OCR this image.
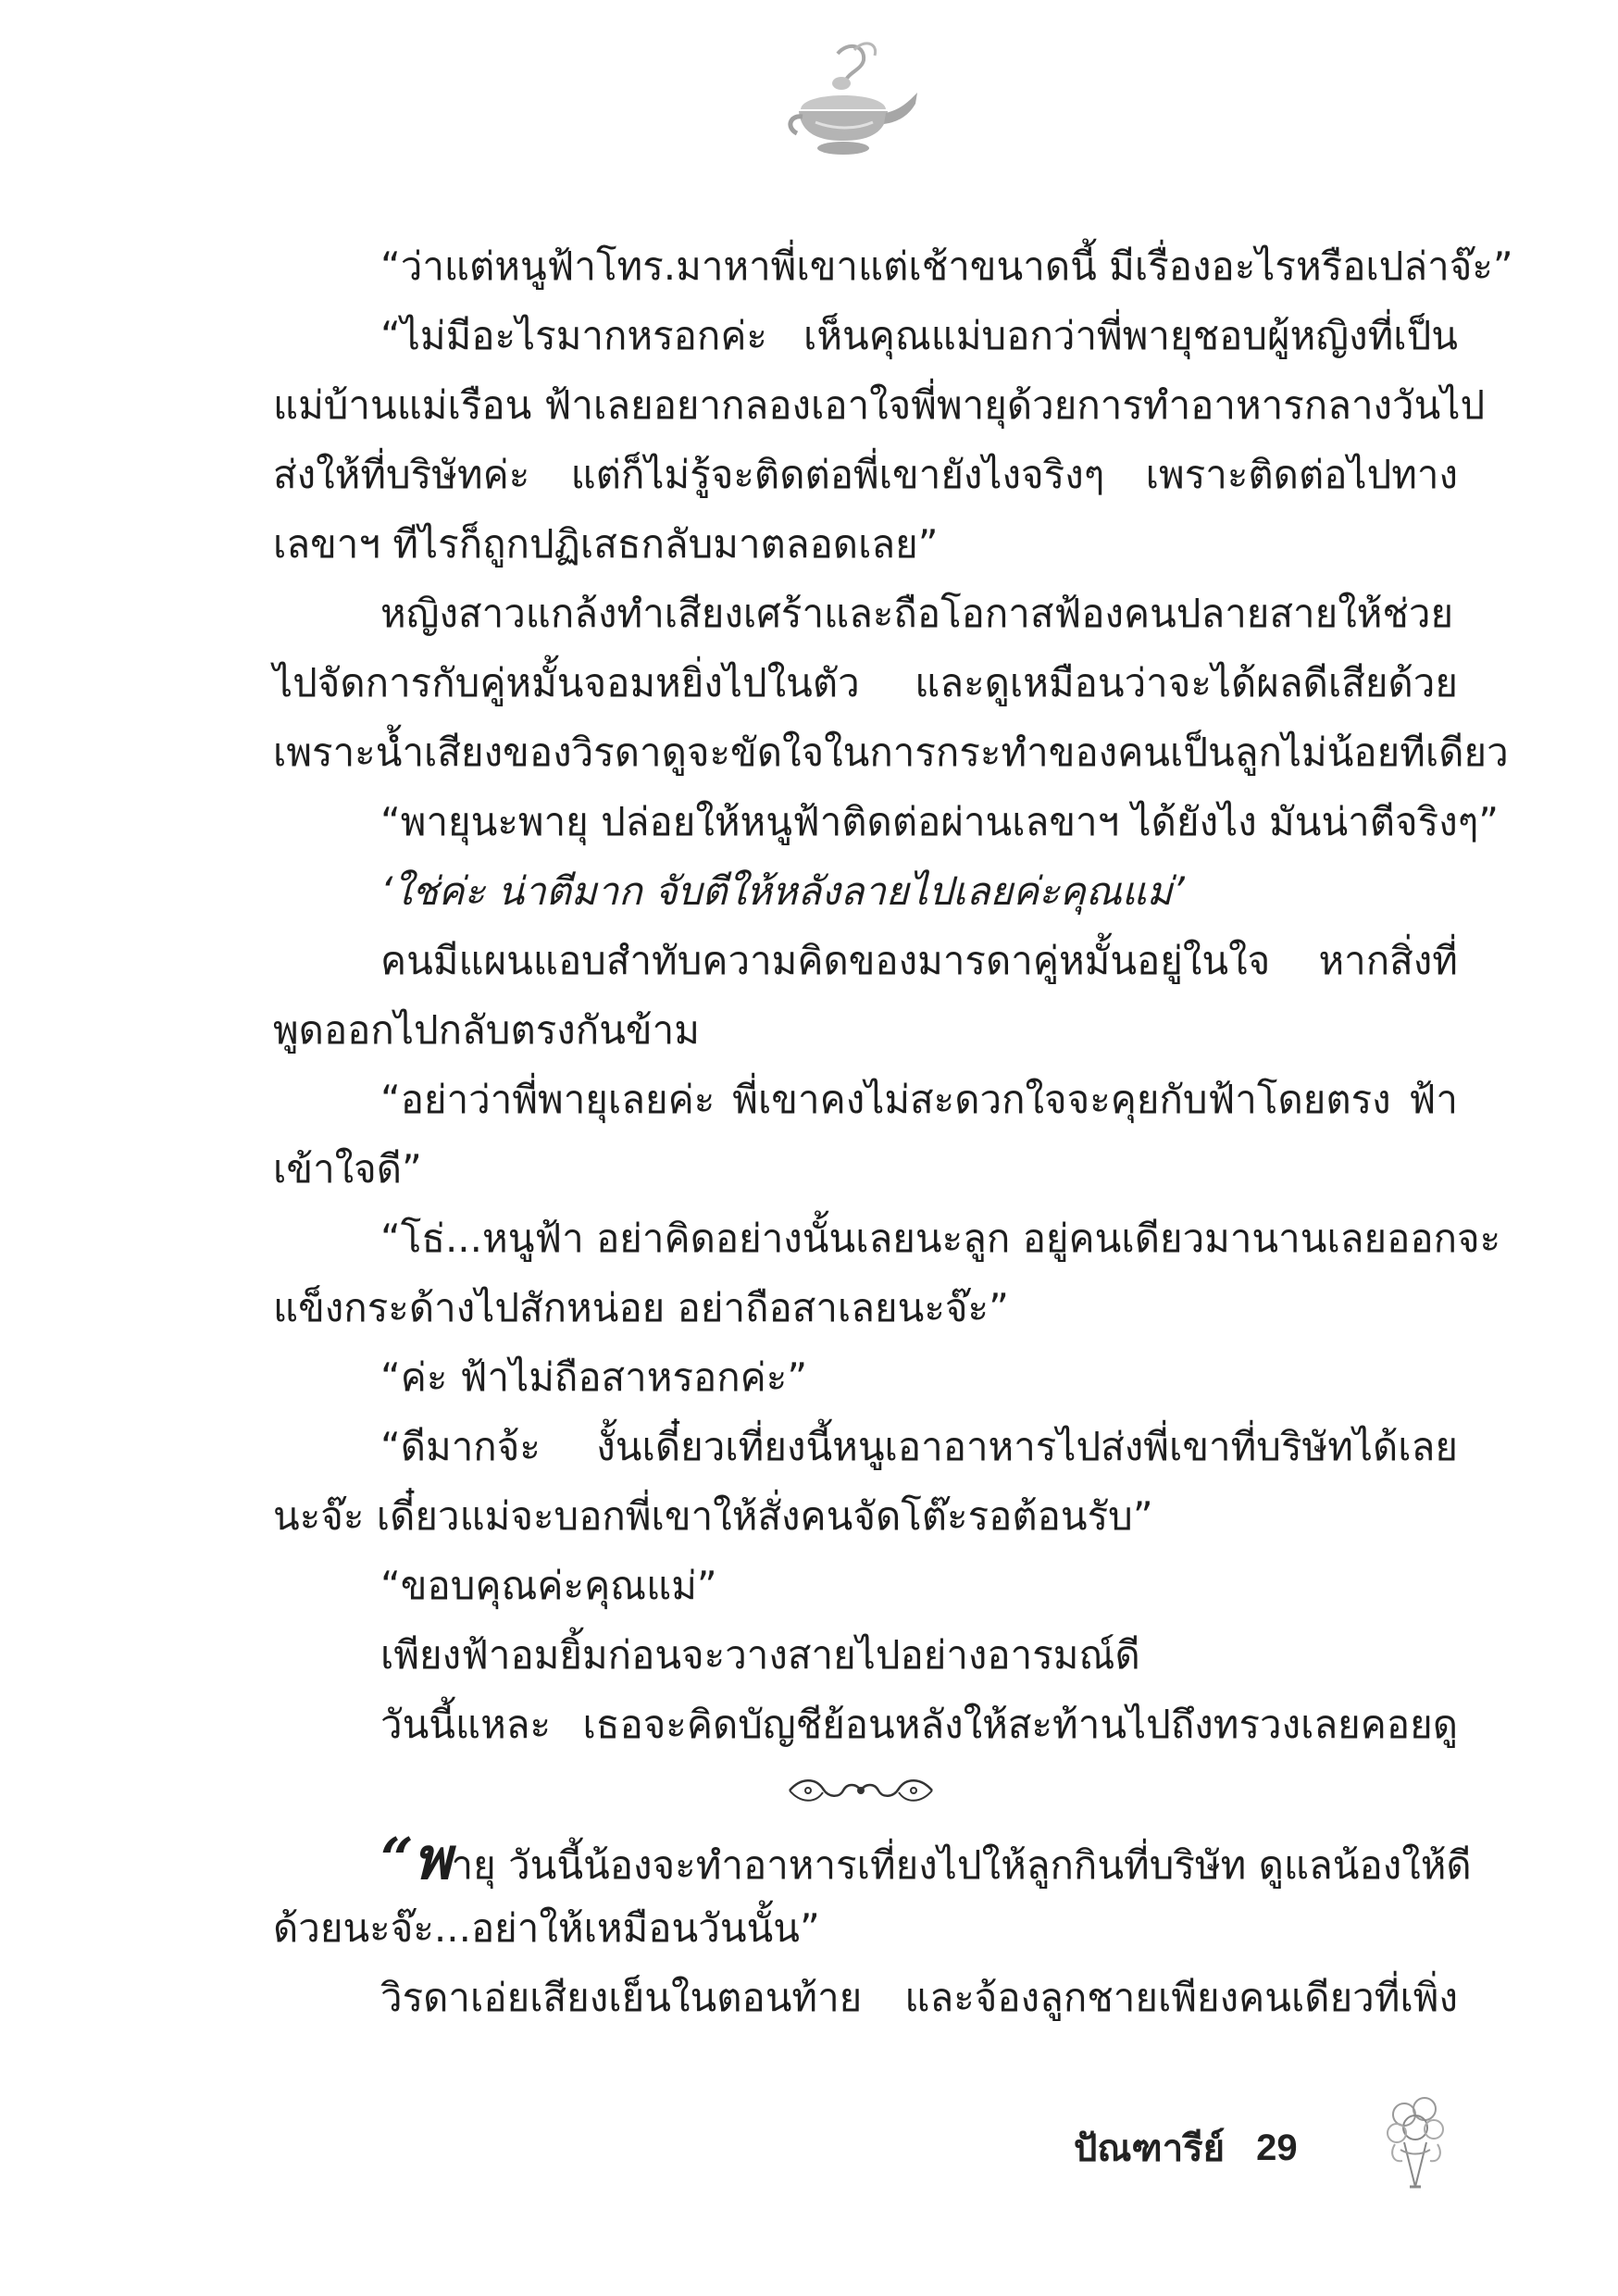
“ว่าแต่หนูฟ้าโทร.มาหาพี่เขาแต่เช้าขนาดนี้ มีเรื่องอะไรหรือเปล่าจ๊ะ”
“ไม่มีอะไรมากหรอกค่ะ เห็นคุณแม่บอกว่าพี่พายุชอบผู้หญิงที่เป็น
แม่บ้านแม่เรือน ฟ้าเลยอยากลองเอาใจพี่พายุด้วยการทำอาหารกลางวันไป
ส่งให้ที่บริษัทค่ะ แต่ก็ไม่รู้จะติดต่อพี่เขายังไงจริงๆ เพราะติดต่อไปทาง
เลขาฯ ทีไรก็ถูกปฏิเสธกลับมาตลอดเลย”
หญิงสาวแกล้งทำเสียงเศร้าและถือโอกาสฟ้องคนปลายสายให้ช่วย
ไปจัดการกับคู่หมั้นจอมหยิ่งไปในตัว และดูเหมือนว่าจะได้ผลดีเสียด้วย
เพราะน้ำเสียงของวิรดาดูจะขัดใจในการกระทำของคนเป็นลูกไม่น้อยทีเดียว
“พายุนะพายุ ปล่อยให้หนูฟ้าติดต่อผ่านเลขาฯ ได้ยังไง มันน่าตีจริงๆ”
‘ใช่ค่ะ น่าตีมาก จับตีให้หลังลายไปเลยค่ะคุณแม่’
คนมีแผนแอบสำทับความคิดของมารดาคู่หมั้นอยู่ในใจ หากสิ่งที่
พูดออกไปกลับตรงกันข้าม
“อย่าว่าพี่พายุเลยค่ะ พี่เขาคงไม่สะดวกใจจะคุยกับฟ้าโดยตรง ฟ้า
เข้าใจดี”
“โธ่...หนูฟ้า อย่าคิดอย่างนั้นเลยนะลูก อยู่คนเดียวมานานเลยออกจะ
แข็งกระด้างไปสักหน่อย อย่าถือสาเลยนะจ๊ะ”
“ค่ะ ฟ้าไม่ถือสาหรอกค่ะ”
“ดีมากจ้ะ งั้นเดี๋ยวเที่ยงนี้หนูเอาอาหารไปส่งพี่เขาที่บริษัทได้เลย
นะจ๊ะ เดี๋ยวแม่จะบอกพี่เขาให้สั่งคนจัดโต๊ะรอต้อนรับ”
“ขอบคุณค่ะคุณแม่”
เพียงฟ้าอมยิ้มก่อนจะวางสายไปอย่างอารมณ์ดี
วันนี้แหละ เธอจะคิดบัญชีย้อนหลังให้สะท้านไปถึงทรวงเลยคอยดู
“พายุ วันนี้น้องจะทำอาหารเที่ยงไปให้ลูกกินที่บริษัท ดูแลน้องให้ดี
ด้วยนะจ๊ะ...อย่าให้เหมือนวันนั้น”
วิรดาเอ่ยเสียงเย็นในตอนท้าย และจ้องลูกชายเพียงคนเดียวที่เพิ่ง
ปัณฑารีย์ 29
